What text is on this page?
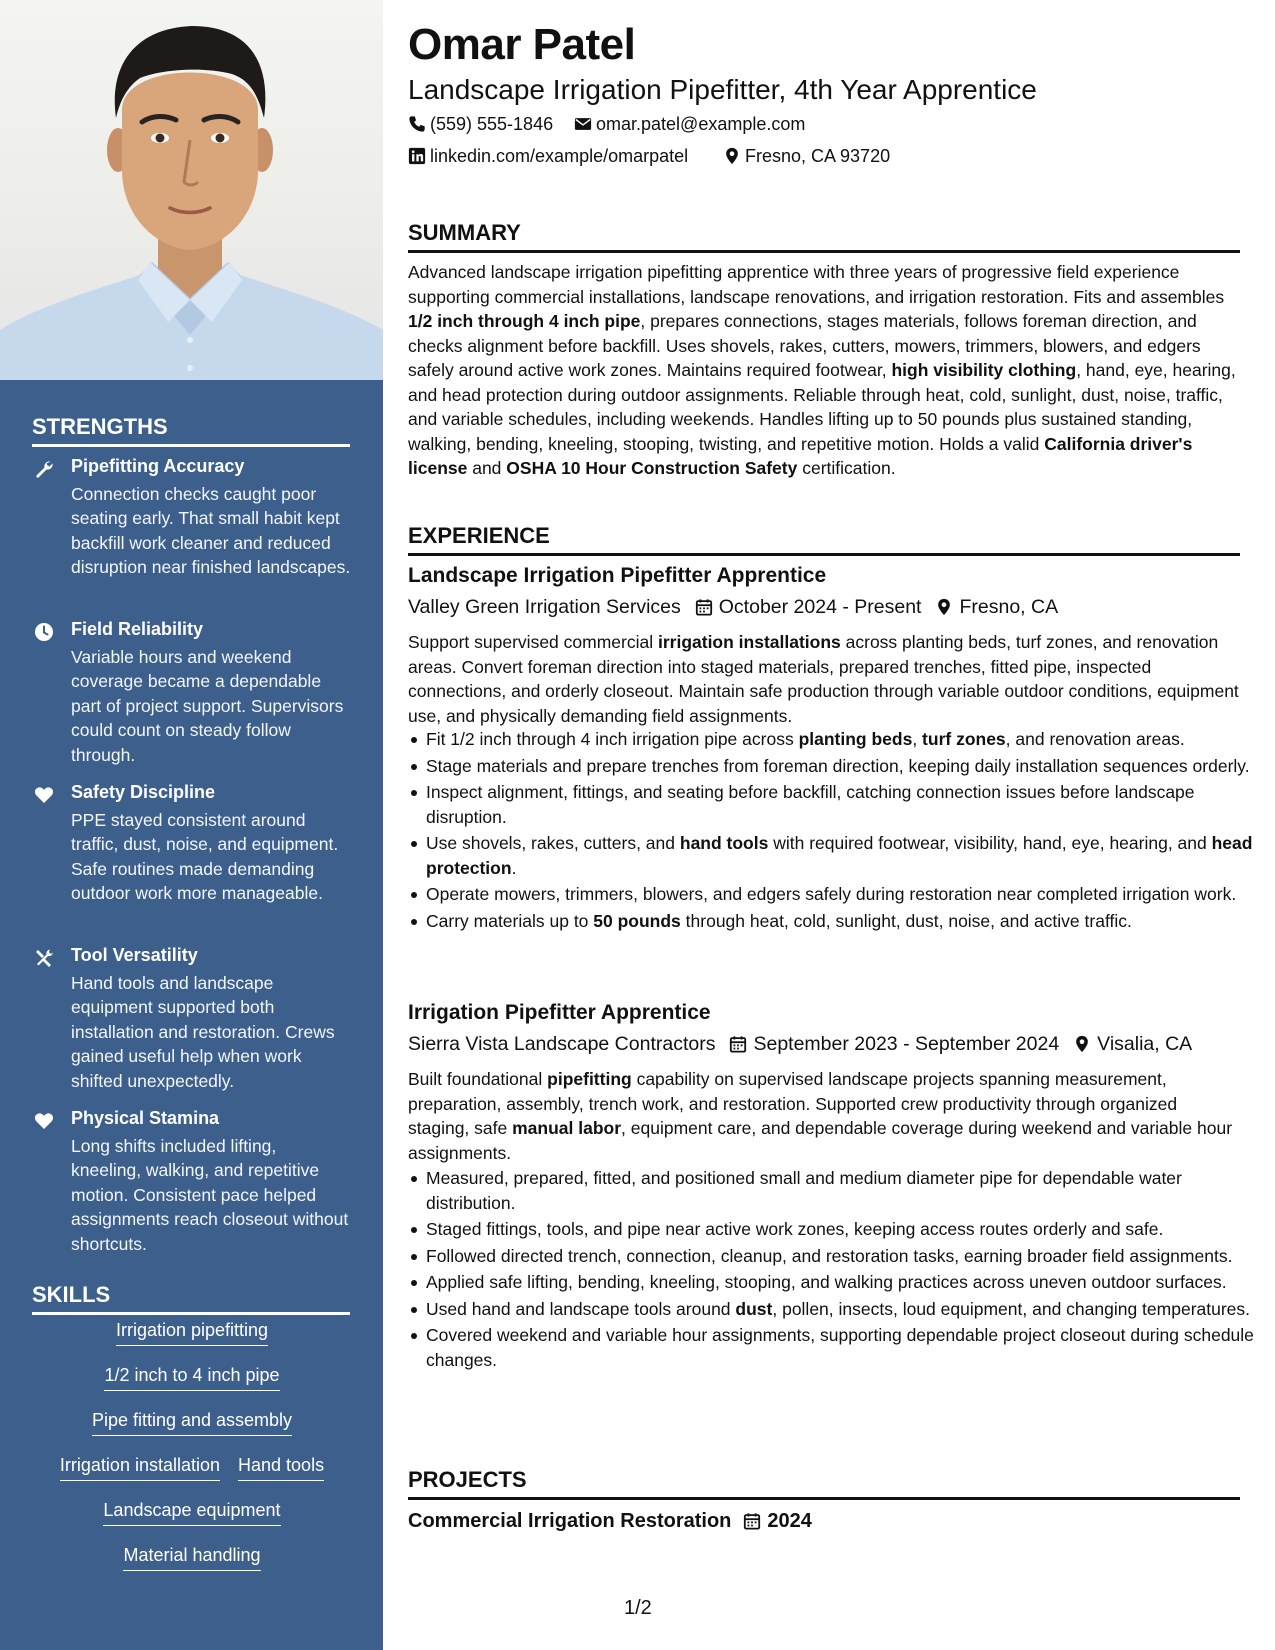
STRENGTHS
Pipefitting Accuracy
Connection checks caught poor seating early. That small habit kept backfill work cleaner and reduced disruption near finished landscapes.
Field Reliability
Variable hours and weekend coverage became a dependable part of project support. Supervisors could count on steady follow through.
Safety Discipline
PPE stayed consistent around traffic, dust, noise, and equipment. Safe routines made demanding outdoor work more manageable.
Tool Versatility
Hand tools and landscape equipment supported both installation and restoration. Crews gained useful help when work shifted unexpectedly.
Physical Stamina
Long shifts included lifting, kneeling, walking, and repetitive motion. Consistent pace helped assignments reach closeout without shortcuts.
SKILLS
Irrigation pipefitting
1/2 inch to 4 inch pipe
Pipe fitting and assembly
Irrigation installation Hand tools
Landscape equipment
Material handling
Omar Patel
Landscape Irrigation Pipefitter, 4th Year Apprentice
(559) 555-1846	omar.patel@example.com
linkedin.com/example/omarpatel	Fresno, CA 93720
SUMMARY
Advanced landscape irrigation pipefitting apprentice with three years of progressive field experience supporting commercial installations, landscape renovations, and irrigation restoration. Fits and assembles 1/2 inch through 4 inch pipe, prepares connections, stages materials, follows foreman direction, and checks alignment before backfill. Uses shovels, rakes, cutters, mowers, trimmers, blowers, and edgers safely around active work zones. Maintains required footwear, high visibility clothing, hand, eye, hearing, and head protection during outdoor assignments. Reliable through heat, cold, sunlight, dust, noise, traffic, and variable schedules, including weekends. Handles lifting up to 50 pounds plus sustained standing, walking, bending, kneeling, stooping, twisting, and repetitive motion. Holds a valid California driver's license and OSHA 10 Hour Construction Safety certification.
EXPERIENCE
Landscape Irrigation Pipefitter Apprentice
Valley Green Irrigation Services October 2024 - Present Fresno, CA
Support supervised commercial irrigation installations across planting beds, turf zones, and renovation areas. Convert foreman direction into staged materials, prepared trenches, fitted pipe, inspected connections, and orderly closeout. Maintain safe production through variable outdoor conditions, equipment use, and physically demanding field assignments.
Fit 1/2 inch through 4 inch irrigation pipe across planting beds, turf zones, and renovation areas.
Stage materials and prepare trenches from foreman direction, keeping daily installation sequences orderly.
Inspect alignment, fittings, and seating before backfill, catching connection issues before landscape disruption.
Use shovels, rakes, cutters, and hand tools with required footwear, visibility, hand, eye, hearing, and head protection.
Operate mowers, trimmers, blowers, and edgers safely during restoration near completed irrigation work.
Carry materials up to 50 pounds through heat, cold, sunlight, dust, noise, and active traffic.
Irrigation Pipefitter Apprentice
Sierra Vista Landscape Contractors September 2023 - September 2024 Visalia, CA
Built foundational pipefitting capability on supervised landscape projects spanning measurement, preparation, assembly, trench work, and restoration. Supported crew productivity through organized staging, safe manual labor, equipment care, and dependable coverage during weekend and variable hour assignments.
Measured, prepared, fitted, and positioned small and medium diameter pipe for dependable water distribution.
Staged fittings, tools, and pipe near active work zones, keeping access routes orderly and safe.
Followed directed trench, connection, cleanup, and restoration tasks, earning broader field assignments.
Applied safe lifting, bending, kneeling, stooping, and walking practices across uneven outdoor surfaces.
Used hand and landscape tools around dust, pollen, insects, loud equipment, and changing temperatures.
Covered weekend and variable hour assignments, supporting dependable project closeout during schedule changes.
PROJECTS
Commercial Irrigation Restoration 2024
1/2
